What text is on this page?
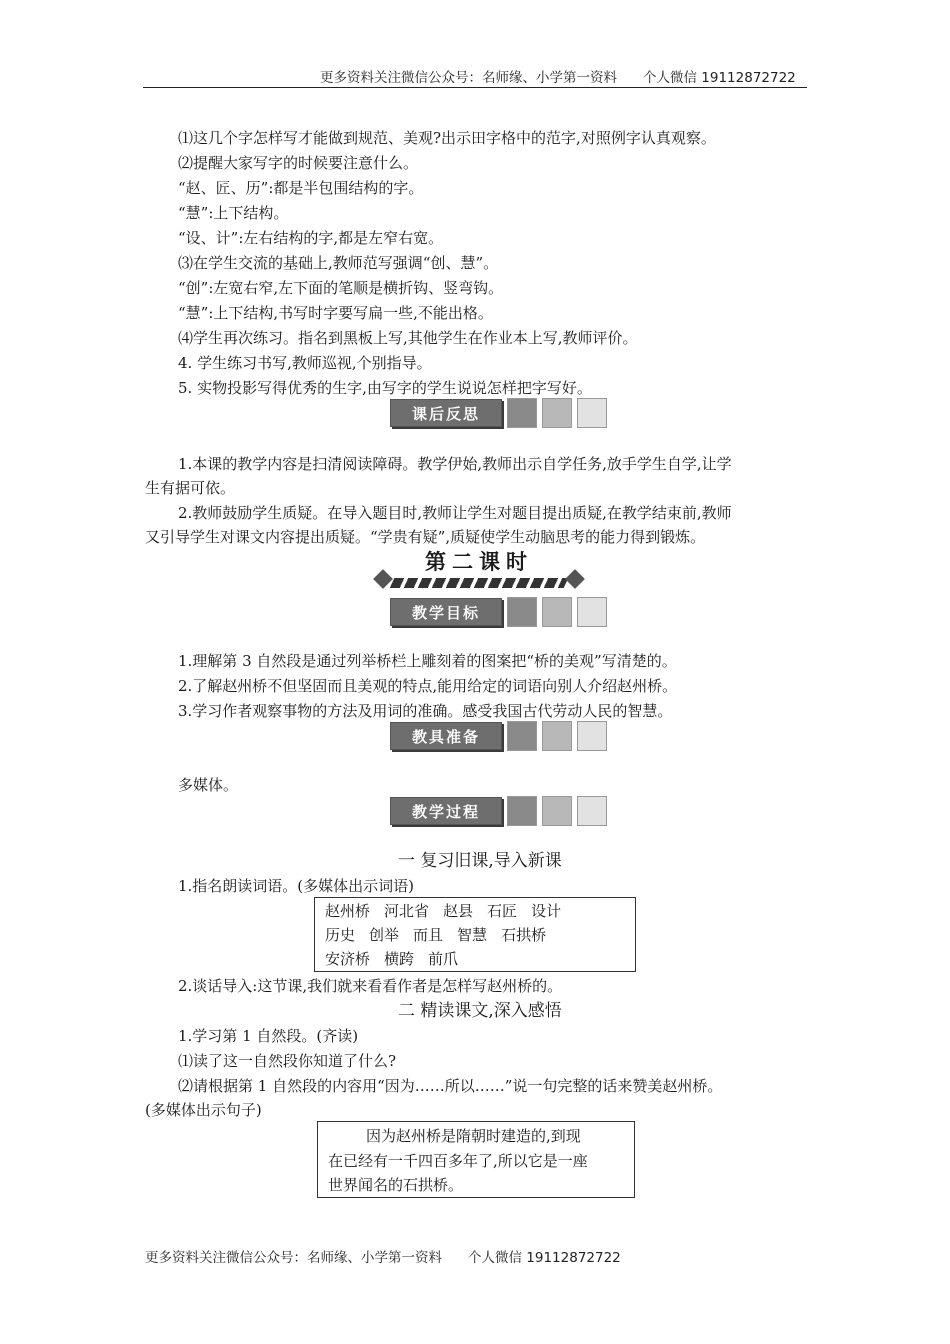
更多资料关注微信公众号：名师缘、小学第一资料 个人微信 19112872722
⑴这几个字怎样写才能做到规范、美观?出示田字格中的范字,对照例字认真观察。
⑵提醒大家写字的时候要注意什么。
“赵、匠、历”:都是半包围结构的字。
“慧”:上下结构。
“设、计”:左右结构的字,都是左窄右宽。
⑶在学生交流的基础上,教师范写强调“创、慧”。
“创”:左宽右窄,左下面的笔顺是横折钩、竖弯钩。
“慧”:上下结构,书写时字要写扁一些,不能出格。
⑷学生再次练习。指名到黑板上写,其他学生在作业本上写,教师评价。
4. 学生练习书写,教师巡视,个别指导。
5. 实物投影写得优秀的生字,由写字的学生说说怎样把字写好。
课后反思
1.本课的教学内容是扫清阅读障碍。教学伊始,教师出示自学任务,放手学生自学,让学
生有据可依。
2.教师鼓励学生质疑。在导入题目时,教师让学生对题目提出质疑,在教学结束前,教师
又引导学生对课文内容提出质疑。“学贵有疑”,质疑使学生动脑思考的能力得到锻炼。
第二课时
教学目标
1.理解第 3 自然段是通过列举桥栏上雕刻着的图案把“桥的美观”写清楚的。
2.了解赵州桥不但坚固而且美观的特点,能用给定的词语向别人介绍赵州桥。
3.学习作者观察事物的方法及用词的准确。感受我国古代劳动人民的智慧。
教具准备
多媒体。
教学过程
一 复习旧课,导入新课
1.指名朗读词语。(多媒体出示词语)
赵州桥 河北省 赵县 石匠 设计
历史 创举 而且 智慧 石拱桥
安济桥 横跨 前爪
2.谈话导入:这节课,我们就来看看作者是怎样写赵州桥的。
二 精读课文,深入感悟
1.学习第 1 自然段。(齐读)
⑴读了这一自然段你知道了什么?
⑵请根据第 1 自然段的内容用“因为……所以……”说一句完整的话来赞美赵州桥。
(多媒体出示句子)
因为赵州桥是隋朝时建造的,到现
在已经有一千四百多年了,所以它是一座
世界闻名的石拱桥。
更多资料关注微信公众号：名师缘、小学第一资料 个人微信 19112872722
